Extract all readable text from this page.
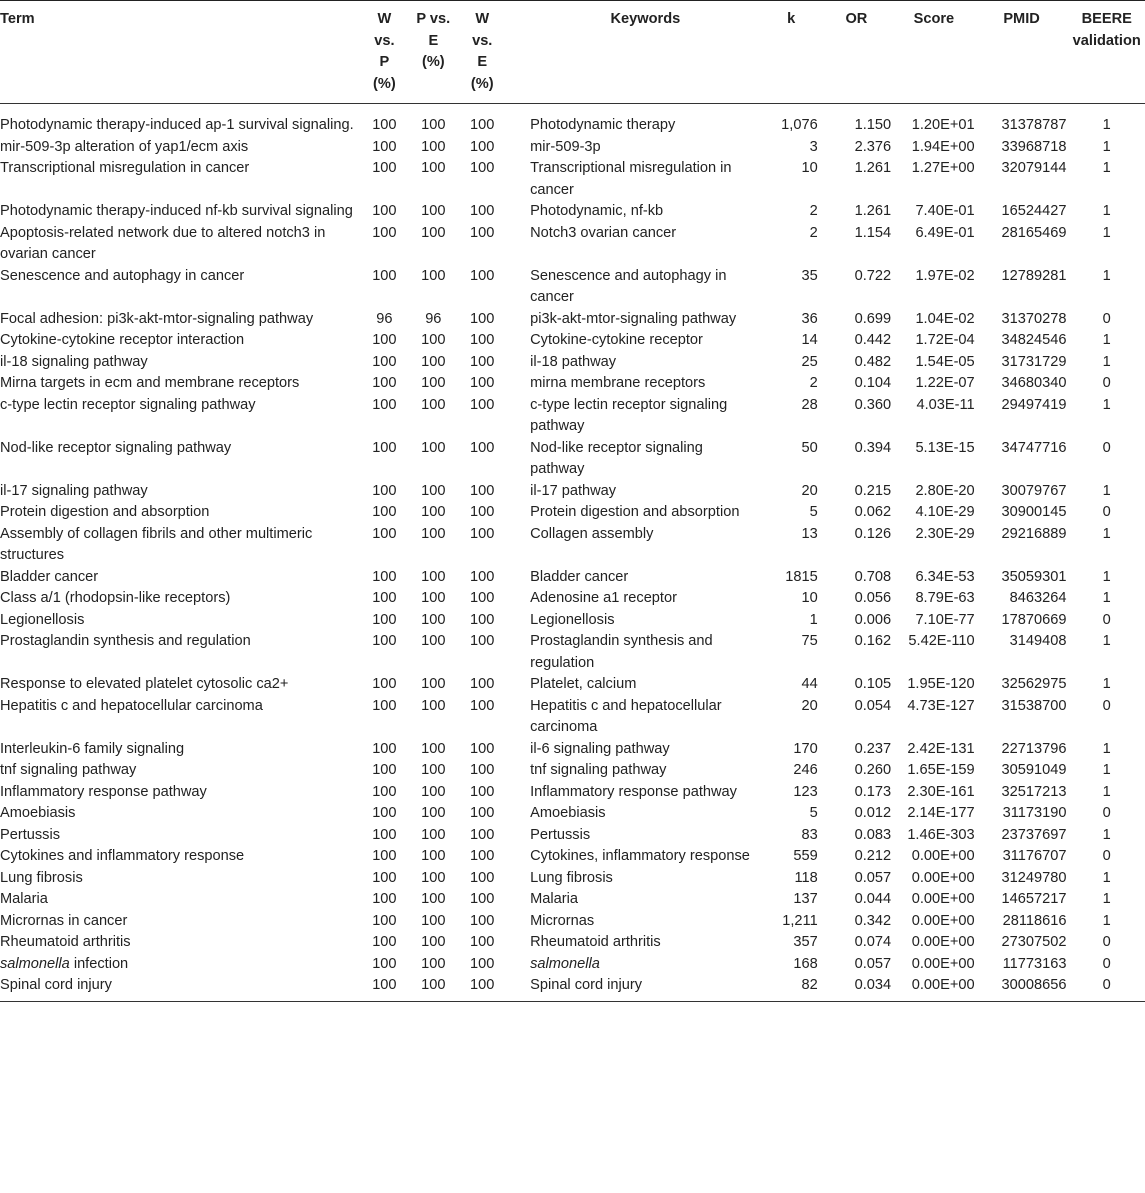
Term	W
vs.
P
(%)	P vs.
E
(%)	W
vs.
E
(%)		Keywords	k	OR	Score	PMID	BEERE
validation
Photodynamic therapy-induced ap-1 survival signaling.	100	100	100		Photodynamic therapy	1,076	1.150	1.20E+01	31378787	1
mir-509-3p alteration of yap1/ecm axis	100	100	100		mir-509-3p	3	2.376	1.94E+00	33968718	1
Transcriptional misregulation in cancer	100	100	100		Transcriptional misregulation in cancer	10	1.261	1.27E+00	32079144	1
Photodynamic therapy-induced nf-kb survival signaling	100	100	100		Photodynamic, nf-kb	2	1.261	7.40E-01	16524427	1
Apoptosis-related network due to altered notch3 in ovarian cancer	100	100	100		Notch3 ovarian cancer	2	1.154	6.49E-01	28165469	1
Senescence and autophagy in cancer	100	100	100		Senescence and autophagy in cancer	35	0.722	1.97E-02	12789281	1
Focal adhesion: pi3k-akt-mtor-signaling pathway	96	96	100		pi3k-akt-mtor-signaling pathway	36	0.699	1.04E-02	31370278	0
Cytokine-cytokine receptor interaction	100	100	100		Cytokine-cytokine receptor	14	0.442	1.72E-04	34824546	1
il-18 signaling pathway	100	100	100		il-18 pathway	25	0.482	1.54E-05	31731729	1
Mirna targets in ecm and membrane receptors	100	100	100		mirna membrane receptors	2	0.104	1.22E-07	34680340	0
c-type lectin receptor signaling pathway	100	100	100		c-type lectin receptor signaling pathway	28	0.360	4.03E-11	29497419	1
Nod-like receptor signaling pathway	100	100	100		Nod-like receptor signaling pathway	50	0.394	5.13E-15	34747716	0
il-17 signaling pathway	100	100	100		il-17 pathway	20	0.215	2.80E-20	30079767	1
Protein digestion and absorption	100	100	100		Protein digestion and absorption	5	0.062	4.10E-29	30900145	0
Assembly of collagen fibrils and other multimeric structures	100	100	100		Collagen assembly	13	0.126	2.30E-29	29216889	1
Bladder cancer	100	100	100		Bladder cancer	1815	0.708	6.34E-53	35059301	1
Class a/1 (rhodopsin-like receptors)	100	100	100		Adenosine a1 receptor	10	0.056	8.79E-63	8463264	1
Legionellosis	100	100	100		Legionellosis	1	0.006	7.10E-77	17870669	0
Prostaglandin synthesis and regulation	100	100	100		Prostaglandin synthesis and regulation	75	0.162	5.42E-110	3149408	1
Response to elevated platelet cytosolic ca2+	100	100	100		Platelet, calcium	44	0.105	1.95E-120	32562975	1
Hepatitis c and hepatocellular carcinoma	100	100	100		Hepatitis c and hepatocellular carcinoma	20	0.054	4.73E-127	31538700	0
Interleukin-6 family signaling	100	100	100		il-6 signaling pathway	170	0.237	2.42E-131	22713796	1
tnf signaling pathway	100	100	100		tnf signaling pathway	246	0.260	1.65E-159	30591049	1
Inflammatory response pathway	100	100	100		Inflammatory response pathway	123	0.173	2.30E-161	32517213	1
Amoebiasis	100	100	100		Amoebiasis	5	0.012	2.14E-177	31173190	0
Pertussis	100	100	100		Pertussis	83	0.083	1.46E-303	23737697	1
Cytokines and inflammatory response	100	100	100		Cytokines, inflammatory response	559	0.212	0.00E+00	31176707	0
Lung fibrosis	100	100	100		Lung fibrosis	118	0.057	0.00E+00	31249780	1
Malaria	100	100	100		Malaria	137	0.044	0.00E+00	14657217	1
Micrornas in cancer	100	100	100		Micrornas	1,211	0.342	0.00E+00	28118616	1
Rheumatoid arthritis	100	100	100		Rheumatoid arthritis	357	0.074	0.00E+00	27307502	0
salmonella infection	100	100	100		salmonella	168	0.057	0.00E+00	11773163	0
Spinal cord injury	100	100	100		Spinal cord injury	82	0.034	0.00E+00	30008656	0
